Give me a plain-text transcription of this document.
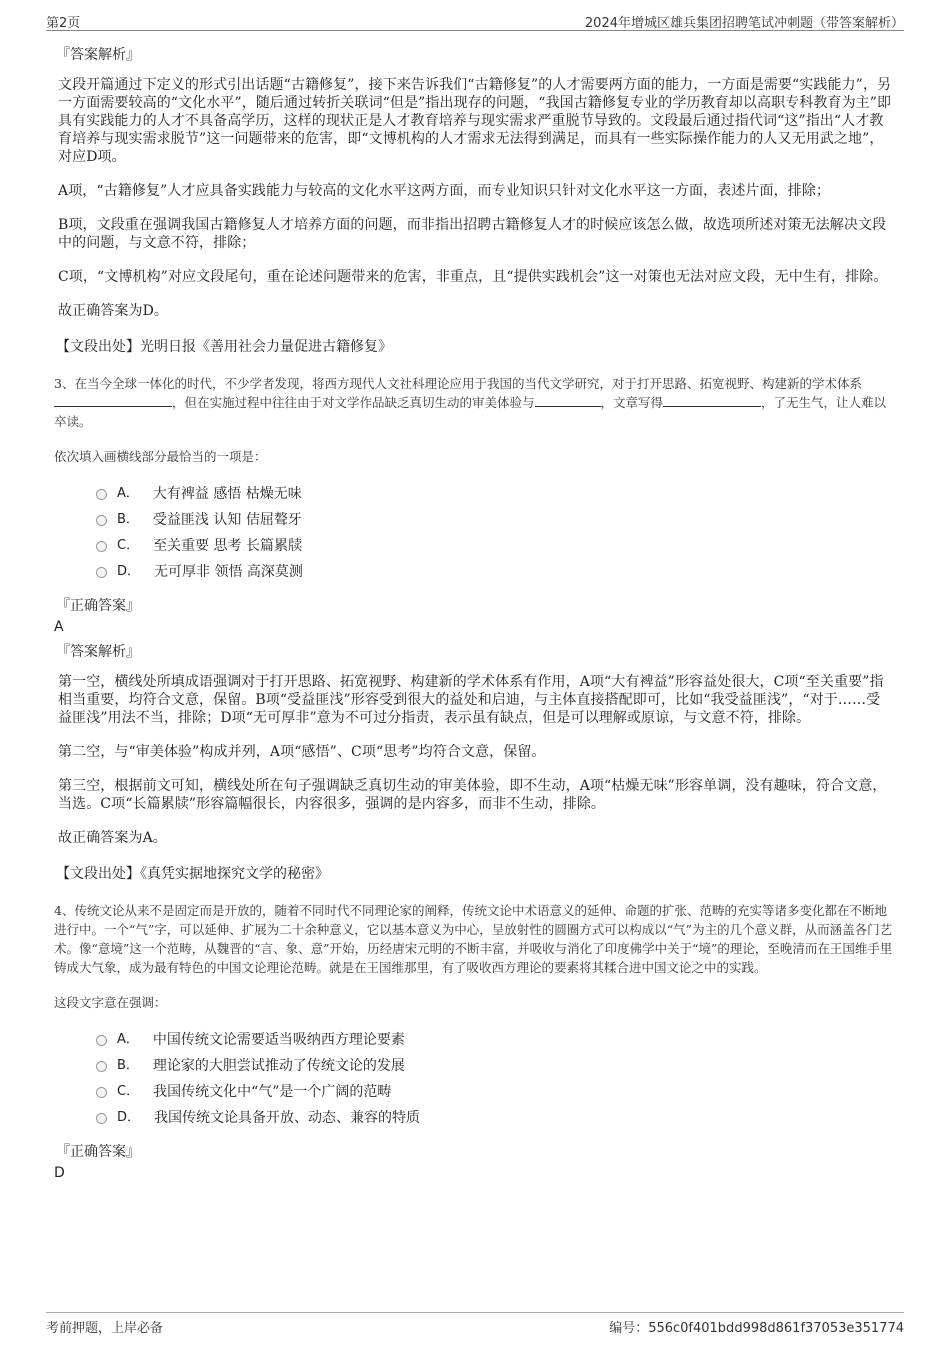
第2页	2024年增城区雄兵集团招聘笔试冲刺题（带答案解析）
『答案解析』

文段开篇通过下定义的形式引出话题“古籍修复”，接下来告诉我们“古籍修复”的人才需要两方面的能力，一方面是需要“实践能力”，另一方面需要较高的“文化水平”，随后通过转折关联词“但是”指出现存的问题，“我国古籍修复专业的学历教育却以高职专科教育为主”即具有实践能力的人才不具备高学历，这样的现状正是人才教育培养与现实需求严重脱节导致的。文段最后通过指代词“这”指出“人才教育培养与现实需求脱节”这一问题带来的危害，即“文博机构的人才需求无法得到满足，而具有一些实际操作能力的人又无用武之地”，对应D项。

A项，“古籍修复”人才应具备实践能力与较高的文化水平这两方面，而专业知识只针对文化水平这一方面，表述片面，排除；

B项，文段重在强调我国古籍修复人才培养方面的问题，而非指出招聘古籍修复人才的时候应该怎么做，故选项所述对策无法解决文段中的问题，与文意不符，排除；

C项，“文博机构”对应文段尾句，重在论述问题带来的危害，非重点，且“提供实践机会”这一对策也无法对应文段，无中生有，排除。

故正确答案为D。

【文段出处】光明日报《善用社会力量促进古籍修复》

3、在当今全球一体化的时代，不少学者发现，将西方现代人文社科理论应用于我国的当代文学研究，对于打开思路、拓宽视野、构建新的学术体系，但在实施过程中往往由于对文学作品缺乏真切生动的审美体验与	，文章写得	，了无生气，让人难以卒读。

依次填入画横线部分最恰当的一项是：
A． 大有裨益 感悟 枯燥无味
B． 受益匪浅 认知 佶屈聱牙
C． 至关重要 思考 长篇累牍
D． 无可厚非 领悟 高深莫测
『正确答案』
A
『答案解析』

第一空，横线处所填成语强调对于打开思路、拓宽视野、构建新的学术体系有作用，A项“大有裨益”形容益处很大，C项“至关重要”指相当重要，均符合文意，保留。B项“受益匪浅”形容受到很大的益处和启迪，与主体直接搭配即可，比如“我受益匪浅”，“对于……受益匪浅”用法不当，排除；D项“无可厚非”意为不可过分指责，表示虽有缺点，但是可以理解或原谅，与文意不符，排除。

第二空，与“审美体验”构成并列，A项“感悟”、C项“思考”均符合文意，保留。

第三空，根据前文可知，横线处所在句子强调缺乏真切生动的审美体验，即不生动，A项“枯燥无味”形容单调，没有趣味，符合文意，当选。C项“长篇累牍”形容篇幅很长，内容很多，强调的是内容多，而非不生动，排除。

故正确答案为A。

【文段出处】《真凭实据地探究文学的秘密》

4、传统文论从来不是固定而是开放的，随着不同时代不同理论家的阐释，传统文论中术语意义的延伸、命题的扩张、范畴的充实等诸多变化都在不断地进行中。一个“气”字，可以延伸、扩展为二十余种意义，它以基本意义为中心，呈放射性的圆圈方式可以构成以“气”为主的几个意义群，从而涵盖各门艺术。像“意境”这一个范畴，从魏晋的“言、象、意”开始，历经唐宋元明的不断丰富，并吸收与消化了印度佛学中关于“境”的理论，至晚清而在王国维手里铸成大气象，成为最有特色的中国文论理论范畴。就是在王国维那里，有了吸收西方理论的要素将其糅合进中国文论之中的实践。

这段文字意在强调：
A． 中国传统文论需要适当吸纳西方理论要素
B． 理论家的大胆尝试推动了传统文论的发展
C． 我国传统文化中“气”是一个广阔的范畴
D． 我国传统文论具备开放、动态、兼容的特质
『正确答案』
D
考前押题，上岸必备	编号：556c0f401bdd998d861f37053e351774
